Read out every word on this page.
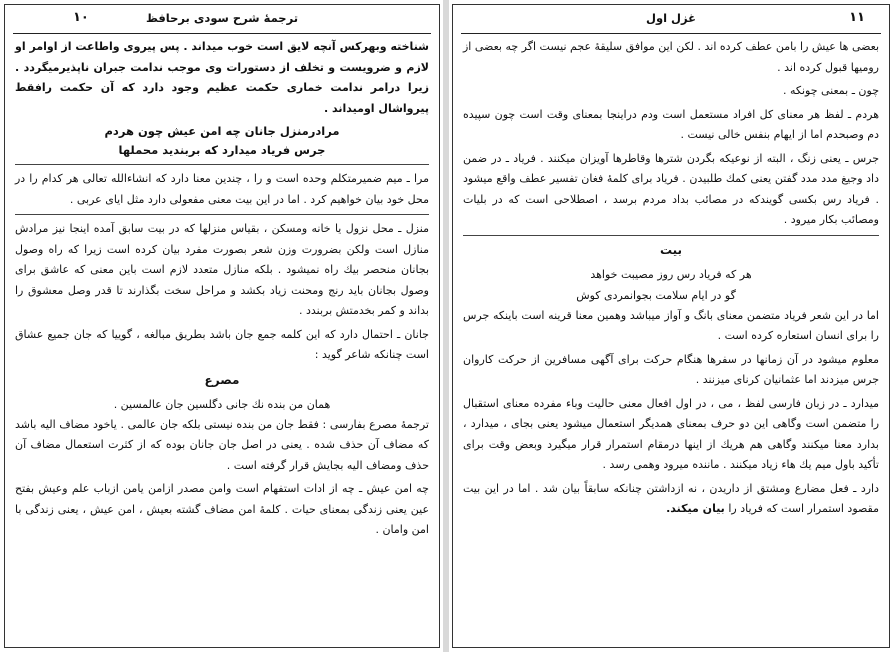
ترجمهٔ شرح سودی برحافظ
۱۰

شناخته وبهرکس آنچه لایق است خوب میداند . پس پیروی واطاعت از اوامر او لازم و ضرویست و تخلف از دستورات وی موجب ندامت جبران ناپذیرمیگردد . زیرا درامر ندامت خماری حکمت عظیم وجود دارد که آن حکمت رافقط پیرواشال اومیداند .

مرادرمنزل جانان چه امن عیش چون هردم
جرس فریاد میدارد که بربندید محملها

مرا ـ میم ضمیرمتکلم وحده است و را ، چندین معنا دارد که انشاءالله تعالی هر کدام را در محل خود بیان خواهیم کرد . اما در این بیت معنی مفعولی دارد مثل ایای عربی .

منزل ـ محل نزول یا خانه ومسکن ، بقیاس منزلها که در بیت سابق آمده اینجا نیز مرادش منازل است ولکن بضرورت وزن شعر بصورت مفرد بیان کرده است زیرا که راه وصول بجانان منحصر بیك راه نمیشود . بلکه منازل متعدد لازم است باین معنی که عاشق برای وصول بجانان باید رنج ومحنت زیاد بکشد و مراحل سخت بگذارند تا قدر وصل معشوق را بداند و کمر بخدمتش بربندد .

جانان ـ احتمال دارد که این کلمه جمع جان باشد بطریق مبالغه ، گوییا که جان جمیع عشاق است چنانکه شاعر گوید :

مصرع
همان من بنده نك جانی دگلسین جان عالمسین .

ترجمهٔ مصرع بفارسی : فقط جان من بنده نیستی بلکه جان عالمی . یاخود مضاف الیه باشد که مضاف آن حذف شده . یعنی در اصل جان جانان بوده که از کثرت استعمال مضاف آن حذف ومضاف الیه بجایش قرار گرفته است .

چه امن عیش ـ چه از ادات استفهام است وامن مصدر ازامن یامن ازباب علم وعیش بفتح عین یعنی زندگی بمعنای حیات . کلمهٔ امن مضاف گشته بعیش ، امن عیش ، یعنی زندگی با امن وامان .

غزل اول	۱۱

بعضی ها عیش را بامن عطف کرده اند . لکن این موافق سلیقهٔ عجم نیست اگر چه بعضی از رومیها قبول کرده اند .

چون ـ بمعنی چونکه .

هردم ـ لفظ هر معنای کل افراد مستعمل است ودم دراینجا بمعنای وقت است چون سپیده دم وصبحدم اما از ایهام بنفس خالی نیست .

جرس ـ یعنی زنگ ، البته از نوعیکه بگردن شترها وقاطرها آویزان میکنند . فریاد ـ در ضمن داد وجیغ مدد مدد گفتن یعنی کمك طلبیدن . فریاد برای کلمهٔ فغان تفسیر عطف واقع میشود . فریاد رس بکسی گویندکه در مصائب بداد مردم برسد ، اصطلاحی است که در بلیات ومصائب بکار میرود .

بیت
هر که فریاد رس روز مصیبت خواهد
گو در ایام سلامت بجوانمردی کوش

اما در این شعر فریاد متضمن معنای بانگ و آواز میباشد وهمین معنا قرینه است باینکه جرس را برای انسان استعاره کرده است .

معلوم میشود در آن زمانها در سفرها هنگام حرکت برای آگهی مسافرین از حرکت کاروان جرس میزدند اما عثمانیان کرنای میزنند .

میدارد ـ در زبان فارسی لفظ ، می ، در اول افعال معنی حالیت وباء مفرده معنای استقبال را متضمن است وگاهی این دو حرف بمعنای همدیگر استعمال میشود یعنی بجای ، میدارد ، بدارد معنا میکنند وگاهی هم هریك از اینها درمقام استمرار قرار میگیرد وبعض وقت برای تأکید باول میم یك هاء زیاد میکنند . ماننده میرود وهمی رسد .

دارد ـ فعل مضارع ومشتق از داریدن ، نه ازداشتن چنانکه سابقاً بیان شد . اما در این بیت مقصود استمرار است که فریاد را بیان میکند.
